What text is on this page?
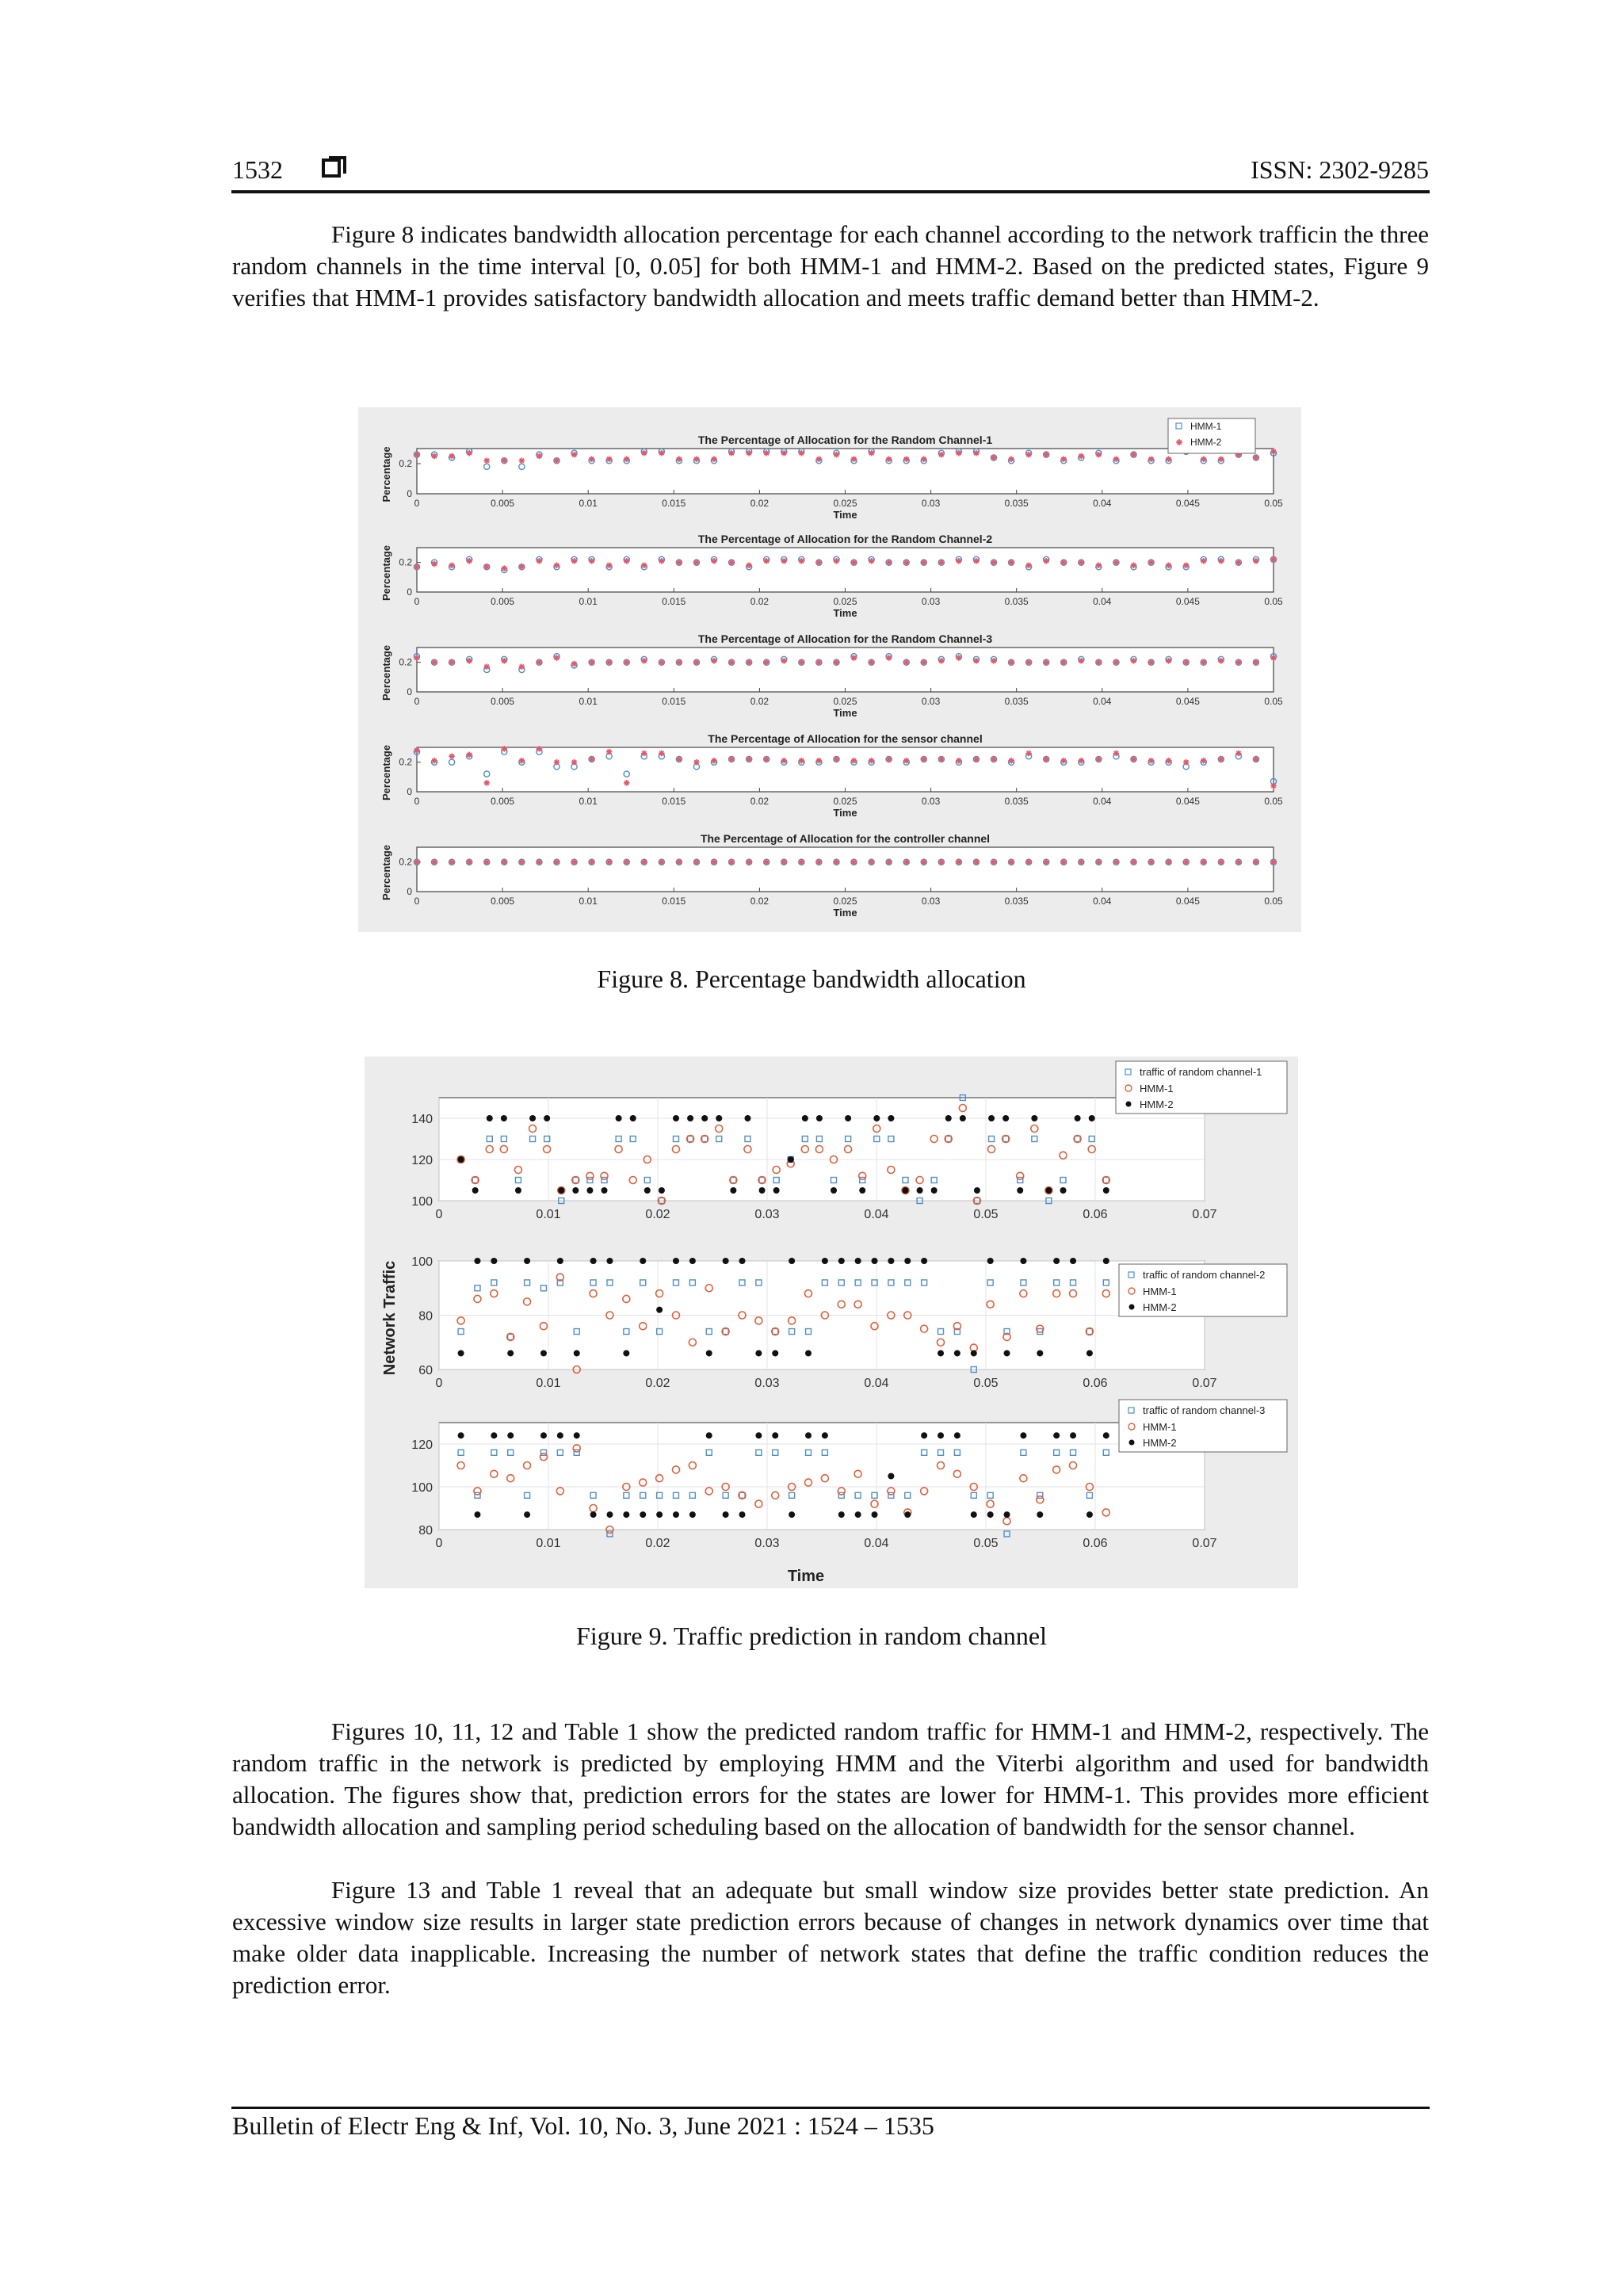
1532	ISSN: 2302-9285

Figure 8 indicates bandwidth allocation percentage for each channel according to the network trafficin the three random channels in the time interval [0, 0.05] for both HMM-1 and HMM-2. Based on the predicted states, Figure 9 verifies that HMM-1 provides satisfactory bandwidth allocation and meets traffic demand better than HMM-2.

The Percentage of Allocation for the Random Channel-1
0	0.005	0.01	0.015	0.02	0.025	0.03	0.035	0.04	0.045	0.05
0
0.2
Time
Percentage
The Percentage of Allocation for the Random Channel-2
0	0.005	0.01	0.015	0.02	0.025	0.03	0.035	0.04	0.045	0.05
0
0.2
Time
Percentage
The Percentage of Allocation for the Random Channel-3
0	0.005	0.01	0.015	0.02	0.025	0.03	0.035	0.04	0.045	0.05
0
0.2
Time
Percentage
The Percentage of Allocation for the sensor channel
0	0.005	0.01	0.015	0.02	0.025	0.03	0.035	0.04	0.045	0.05
0
0.2
Time
Percentage
The Percentage of Allocation for the controller channel
0	0.005	0.01	0.015	0.02	0.025	0.03	0.035	0.04	0.045	0.05
0
0.2
Time
Percentage
HMM-1
HMM-2
Figure 8. Percentage bandwidth allocation
0	0.01	0.02	0.03	0.04	0.05	0.06	0.07
100
120
140
traffic of random channel-1
HMM-1
HMM-2
0	0.01	0.02	0.03	0.04	0.05	0.06	0.07
60
80
100
traffic of random channel-2
HMM-1
HMM-2
0	0.01	0.02	0.03	0.04	0.05	0.06	0.07
80
100
120
traffic of random channel-3
HMM-1
HMM-2
Time
Network Traffic
Figure 9. Traffic prediction in random channel

Figures 10, 11, 12 and Table 1 show the predicted random traffic for HMM-1 and HMM-2, respectively. The random traffic in the network is predicted by employing HMM and the Viterbi algorithm and used for bandwidth allocation. The figures show that, prediction errors for the states are lower for HMM-1. This provides more efficient bandwidth allocation and sampling period scheduling based on the allocation of bandwidth for the sensor channel.

Figure 13 and Table 1 reveal that an adequate but small window size provides better state prediction. An excessive window size results in larger state prediction errors because of changes in network dynamics over time that make older data inapplicable. Increasing the number of network states that define the traffic condition reduces the prediction error.

Bulletin of Electr Eng & Inf, Vol. 10, No. 3, June 2021 : 1524 – 1535
